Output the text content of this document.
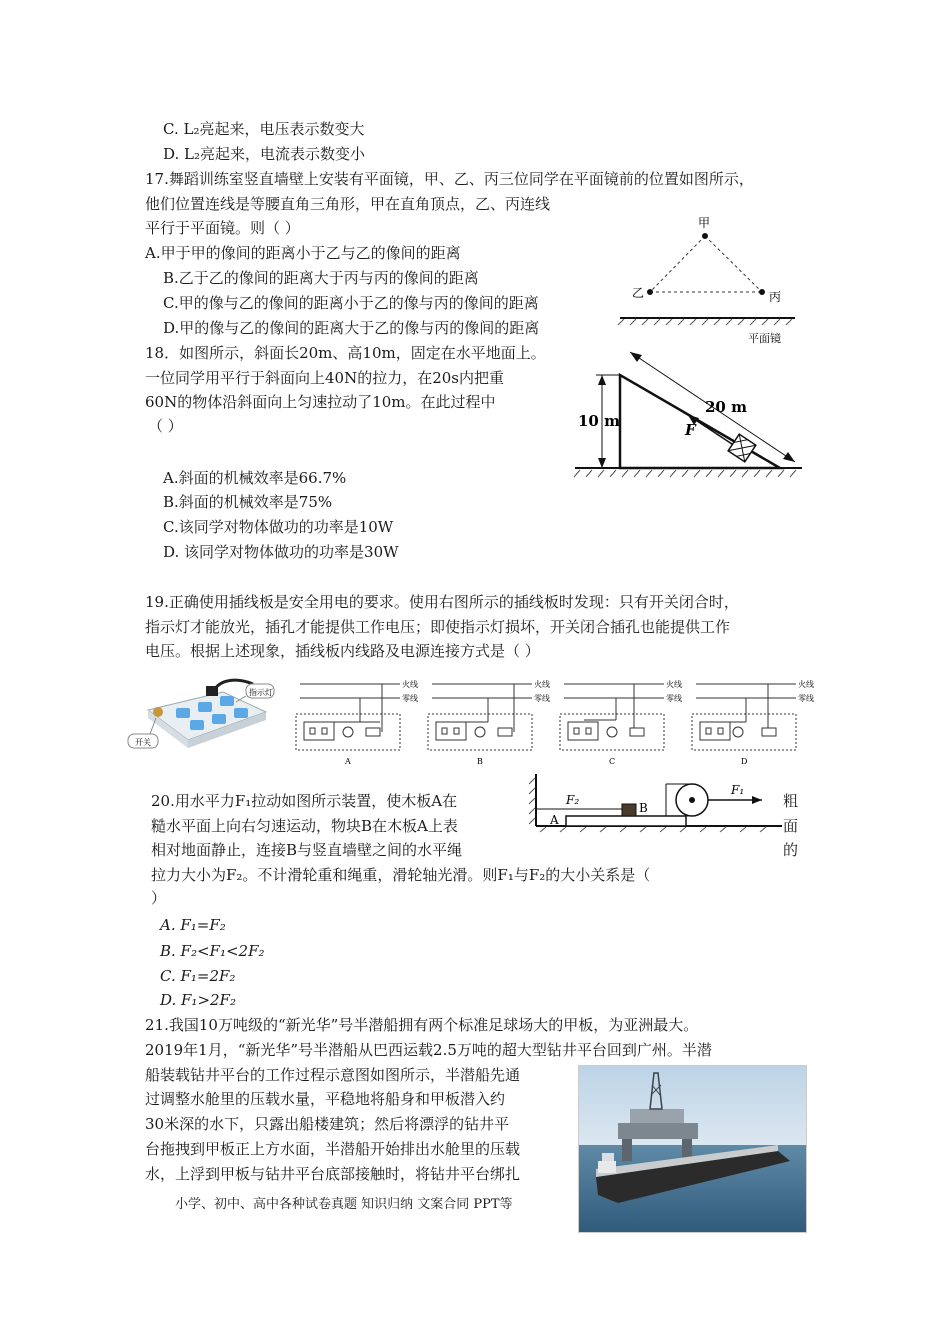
C. L₂亮起来，电压表示数变大
D. L₂亮起来，电流表示数变小
17.舞蹈训练室竖直墙壁上安装有平面镜，甲、乙、丙三位同学在平面镜前的位置如图所示，
他们位置连线是等腰直角三角形，甲在直角顶点，乙、丙连线
平行于平面镜。则（ ）
A.甲于甲的像间的距离小于乙与乙的像间的距离
B.乙于乙的像间的距离大于丙与丙的像间的距离
C.甲的像与乙的像间的距离小于乙的像与丙的像间的距离
D.甲的像与乙的像间的距离大于乙的像与丙的像间的距离
甲
乙	丙
平面镜
18．如图所示，斜面长20m、高10m，固定在水平地面上。
一位同学用平行于斜面向上40N的拉力，在20s内把重
60N的物体沿斜面向上匀速拉动了10m。在此过程中
（ ）
A.斜面的机械效率是66.7%
B.斜面的机械效率是75%
C.该同学对物体做功的功率是10W
D. 该同学对物体做功的功率是30W
10 m
20 m
F
19.正确使用插线板是安全用电的要求。使用右图所示的插线板时发现：只有开关闭合时，
指示灯才能放光，插孔才能提供工作电压；即使指示灯损坏，开关闭合插孔也能提供工作
电压。根据上述现象，插线板内线路及电源连接方式是（ ）
指示灯
开关
火线
零线
A
火线
零线
B
火线
零线
C
火线
零线
D
20.用水平力F₁拉动如图所示装置，使木板A在	粗
糙水平面上向右匀速运动，物块B在木板A上表	面
相对地面静止，连接B与竖直墙壁之间的水平绳	的
拉力大小为F₂。不计滑轮重和绳重，滑轮轴光滑。则F₁与F₂的大小关系是（
）
A. F₁=F₂
B. F₂<F₁<2F₂
C. F₁=2F₂
D. F₁>2F₂
A
B
F₂
F₁
21.我国10万吨级的“新光华”号半潜船拥有两个标准足球场大的甲板，为亚洲最大。
2019年1月，“新光华”号半潜船从巴西运载2.5万吨的超大型钻井平台回到广州。半潜
船装载钻井平台的工作过程示意图如图所示，半潜船先通
过调整水舱里的压载水量，平稳地将船身和甲板潜入约
30米深的水下，只露出船楼建筑；然后将漂浮的钻井平
台拖拽到甲板正上方水面，半潜船开始排出水舱里的压载
水，上浮到甲板与钻井平台底部接触时，将钻井平台绑扎
小学、初中、高中各种试卷真题 知识归纳 文案合同 PPT等
